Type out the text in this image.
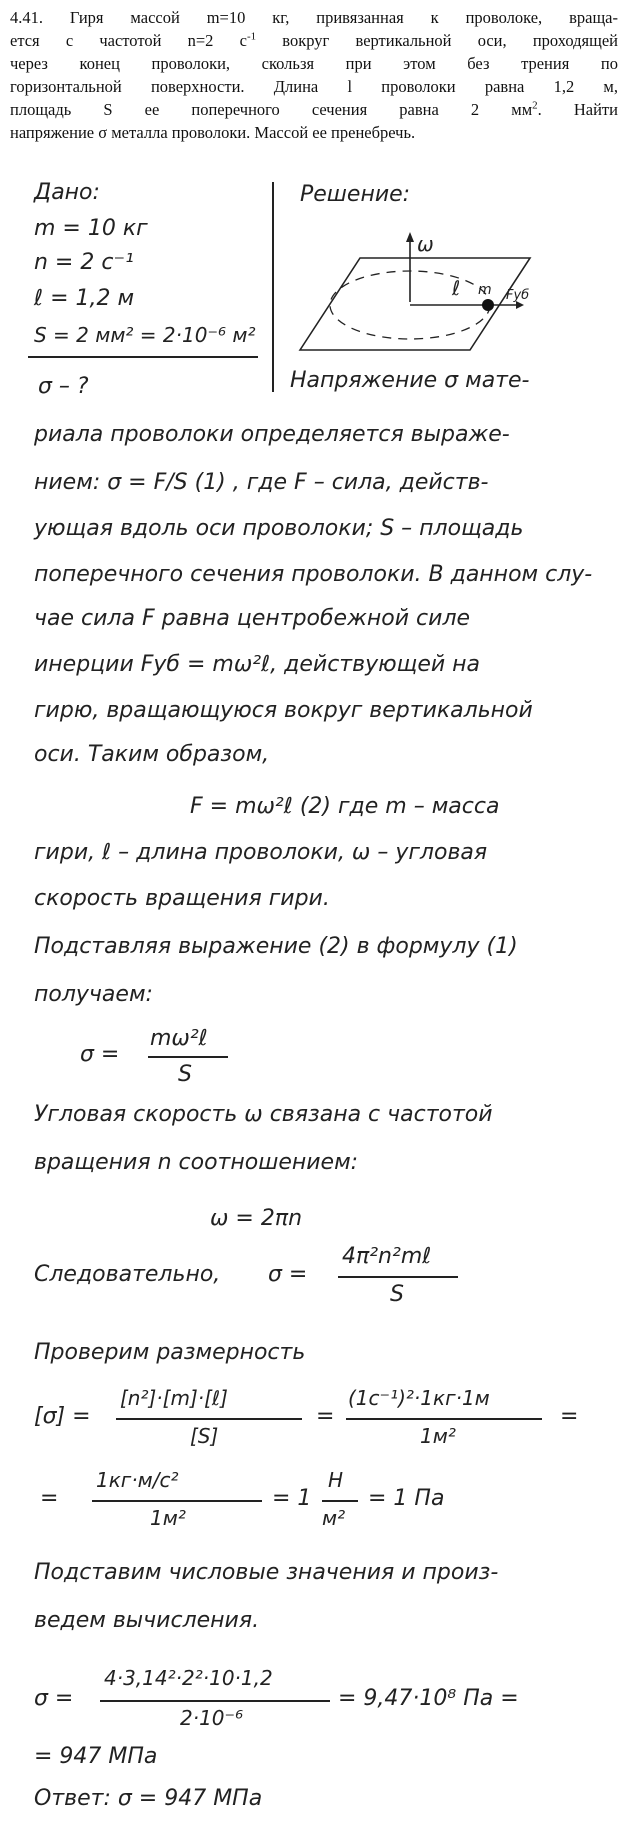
4.41. Гиря массой m=10 кг, привязанная к проволоке, враща-
ется с частотой n=2 $с^{-1}$ вокруг вертикальной оси, проходящей
через конец проволоки, скользя при этом без трения по
горизонтальной поверхности. Длина l проволоки равна 1,2 м,
площадь S ее поперечного сечения равна 2 $мм^2$. Найти
напряжение σ металла проволоки. Массой ее пренебречь.
Дано:
m = 10 кг
n = 2 с⁻¹
ℓ = 1,2 м
S = 2 мм² = 2·10⁻⁶ м²
σ – ?
Решение:
ω
ℓ m Fуб
Напряжение σ мате-
риала проволоки определяется выраже-
нием: σ = F/S (1) , где F – сила, действ-
ующая вдоль оси проволоки; S – площадь
поперечного сечения проволоки. В данном слу-
чае сила F равна центробежной силе
инерции Fуб = mω²ℓ, действующей на
гирю, вращающуюся вокруг вертикальной
оси. Таким образом,
F = mω²ℓ (2) где m – масса
гири, ℓ – длина проволоки, ω – угловая
скорость вращения гири.
Подставляя выражение (2) в формулу (1)
получаем:
σ =
mω²ℓ
S
Угловая скорость ω связана с частотой
вращения n соотношением:
ω = 2πn
Следовательно, σ =
4π²n²mℓ
S
Проверим размерность
[σ] =
[n²]·[m]·[ℓ]
[S]
=
(1с⁻¹)²·1кг·1м
1м²
=
=
1кг·м/с²
1м²
= 1
Н
м²
= 1 Па
Подставим числовые значения и произ-
ведем вычисления.
σ =
4·3,14²·2²·10·1,2
2·10⁻⁶
= 9,47·10⁸ Па =
= 947 МПа
Ответ: σ = 947 МПа
